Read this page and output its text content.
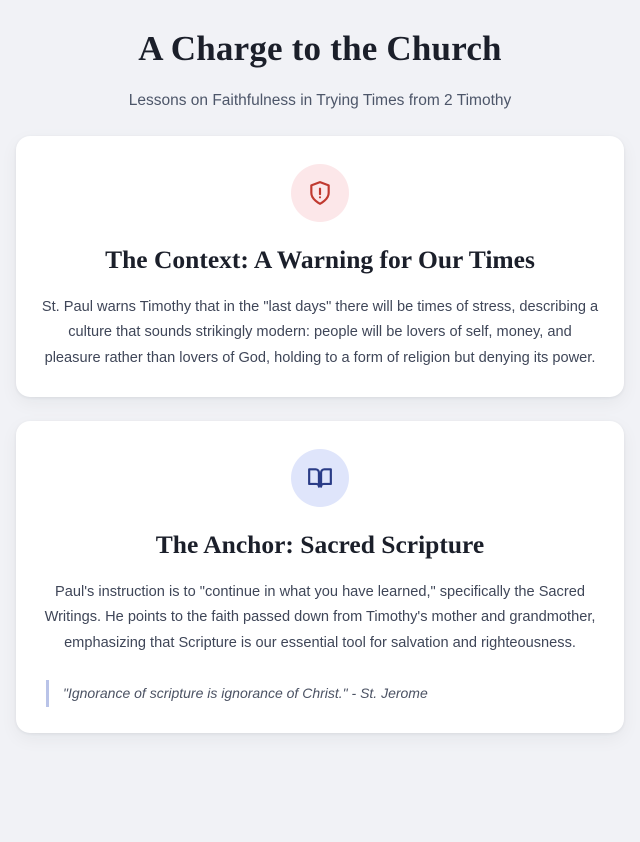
A Charge to the Church

Lessons on Faithfulness in Trying Times from 2 Timothy

The Context: A Warning for Our Times

St. Paul warns Timothy that in the "last days" there will be times of stress, describing a culture that sounds strikingly modern: people will be lovers of self, money, and pleasure rather than lovers of God, holding to a form of religion but denying its power.

The Anchor: Sacred Scripture

Paul's instruction is to "continue in what you have learned," specifically the Sacred Writings. He points to the faith passed down from Timothy's mother and grandmother, emphasizing that Scripture is our essential tool for salvation and righteousness.

"Ignorance of scripture is ignorance of Christ." - St. Jerome
